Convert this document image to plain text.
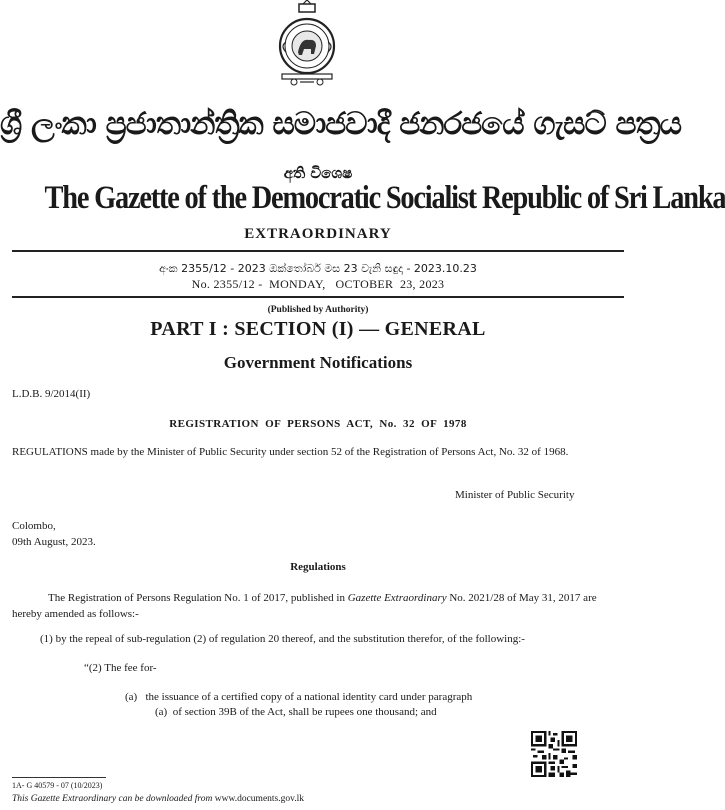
ශ්‍රී ලංකා ප්‍රජාතාන්ත්‍රික සමාජවාදී ජනරජයේ ගැසට් පත්‍රය
අති විශෙෂ
The Gazette of the Democratic Socialist Republic of Sri Lanka
EXTRAORDINARY
අංක 2355/12 - 2023 ඔක්තෝබර් මස 23 වැනි සඳුදා - 2023.10.23
No. 2355/12 -  MONDAY,   OCTOBER  23, 2023
(Published by Authority)
PART I : SECTION (I) — GENERAL
Government Notifications
L.D.B. 9/2014(II)
REGISTRATION  OF  PERSONS  ACT,  No.  32  OF  1978
REGULATIONS made by the Minister of Public Security under section 52 of the Registration of Persons Act, No. 32 of 1968.
Minister of Public Security
Colombo,
09th August, 2023.
Regulations
The Registration of Persons Regulation No. 1 of 2017, published in Gazette Extraordinary No. 2021/28 of May 31, 2017 are hereby amended as follows:-
(1) by the repeal of sub-regulation (2) of regulation 20 thereof, and the substitution therefor, of the following:-
“(2) The fee for-
(a)   the issuance of a certified copy of a national identity card under paragraph
(a)  of section 39B of the Act, shall be rupees one thousand; and
1A- G 40579 - 07 (10/2023)
This Gazette Extraordinary can be downloaded from www.documents.gov.lk
